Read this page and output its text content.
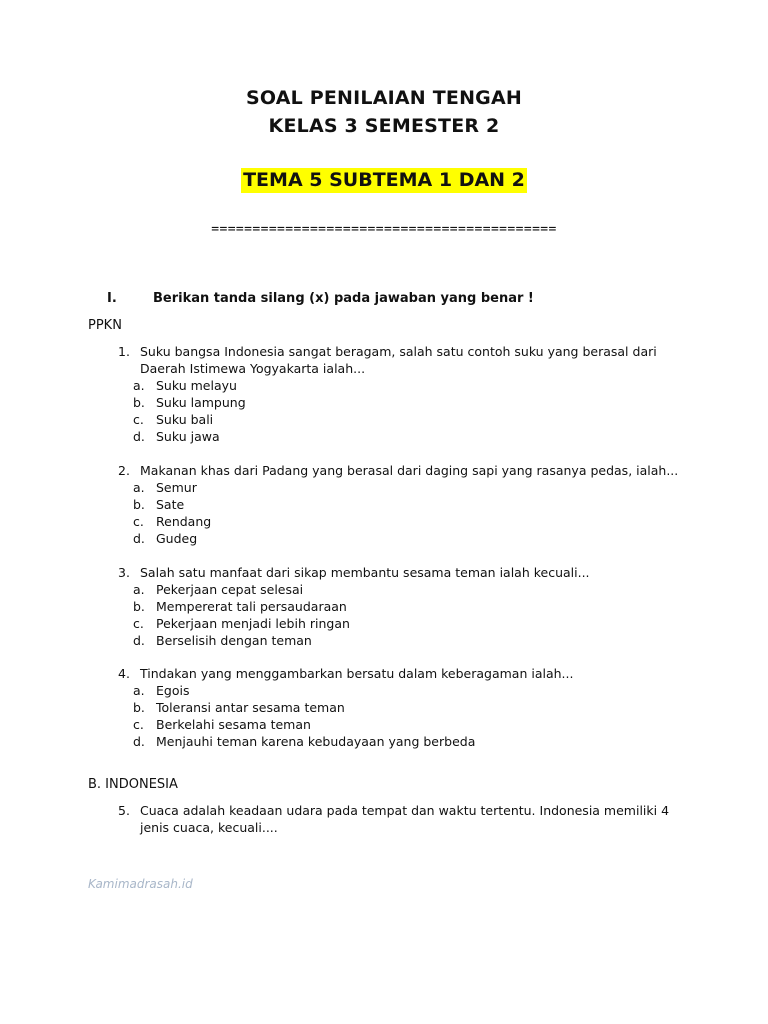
SOAL PENILAIAN TENGAH
KELAS 3 SEMESTER 2
TEMA 5 SUBTEMA 1 DAN 2
==========================================
I.	Berikan tanda silang (x) pada jawaban yang benar !
PPKN
1. Suku bangsa Indonesia sangat beragam, salah satu contoh suku yang berasal dari
Daerah Istimewa Yogyakarta ialah...
a. Suku melayu
b. Suku lampung
c. Suku bali
d. Suku jawa
2. Makanan khas dari Padang yang berasal dari daging sapi yang rasanya pedas, ialah...
a. Semur
b. Sate
c. Rendang
d. Gudeg
3. Salah satu manfaat dari sikap membantu sesama teman ialah kecuali...
a. Pekerjaan cepat selesai
b. Mempererat tali persaudaraan
c. Pekerjaan menjadi lebih ringan
d. Berselisih dengan teman
4. Tindakan yang menggambarkan bersatu dalam keberagaman ialah...
a. Egois
b. Toleransi antar sesama teman
c. Berkelahi sesama teman
d. Menjauhi teman karena kebudayaan yang berbeda
B. INDONESIA
5. Cuaca adalah keadaan udara pada tempat dan waktu tertentu. Indonesia memiliki 4
jenis cuaca, kecuali....
Kamimadrasah.id
